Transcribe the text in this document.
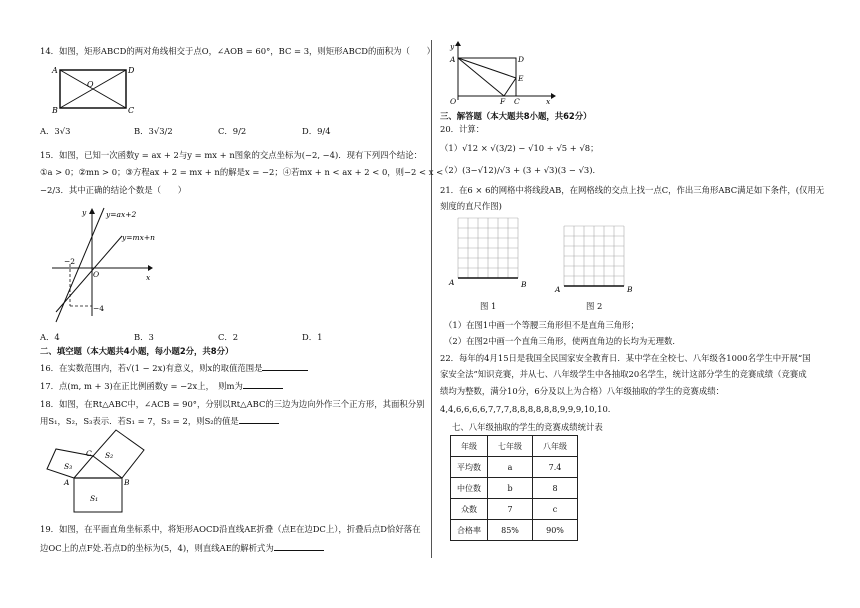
14．如图，矩形ABCD的两对角线相交于点O，∠AOB = 60°，BC = 3，则矩形ABCD的面积为（　　）
A	D
B	C
O
A．3√3	B．3√3/2	C．9/2	D．9/4
15．如图，已知一次函数y = ax + 2与y = mx + n图象的交点坐标为(−2, −4)．现有下列四个结论：
①a > 0；②mn > 0；③方程ax + 2 = mx + n的解是x = −2；④若mx + n < ax + 2 < 0，则−2 < x <
−2/3．其中正确的结论个数是（　　）
y=ax+2
y=mx+n
x
y
O
−2
−4
A．4	B．3	C．2	D．1
二、填空题（本大题共4小题，每小题2分，共8分）
16．在实数范围内，若√(1 − 2x)有意义，则x的取值范围是
17．点(m, m + 3)在正比例函数y = −2x上，　则m为
18．如图，在Rt△ABC中，∠ACB = 90°，分别以Rt△ABC的三边为边向外作三个正方形，其面积分别
用S₁，S₂，S₃表示．若S₁ = 7，S₃ = 2，则S₂的值是
S₁
S₂
S₃
A	B
C
19．如图，在平面直角坐标系中，将矩形AOCD沿直线AE折叠（点E在边DC上），折叠后点D恰好落在
边OC上的点F处.若点D的坐标为(5，4)，则直线AE的解析式为
y
A	D
E
O	F C	x
三、解答题（本大题共8小题，共62分）
20．计算：
（1）√12 × √(3/2) − √10 ÷ √5 + √8；
（2）(3−√12)/√3 + (3 + √3)(3 − √3)．
21．在6 × 6的网格中将线段AB，在网格线的交点上找一点C，作出三角形ABC满足如下条件，(仅用无
刻度的直尺作图)
A	B
A	B
图 1	图 2
（1）在图1中画一个等腰三角形但不是直角三角形；
（2）在图2中画一个直角三角形，使两直角边的长均为无理数．
22．每年的4月15日是我国全民国家安全教育日．某中学在全校七、八年级各1000名学生中开展“国
家安全法”知识竞赛，并从七、八年级学生中各抽取20名学生，统计这部分学生的竞赛成绩（竞赛成
绩均为整数，满分10分，6分及以上为合格）八年级抽取的学生的竞赛成绩：
4,4,6,6,6,6,7,7,7,8,8,8,8,8,8,9,9,9,10,10.
七、八年级抽取的学生的竞赛成绩统计表
年级	七年级	八年级
平均数	a	7.4
中位数	b	8
众数	7	c
合格率	85%	90%
